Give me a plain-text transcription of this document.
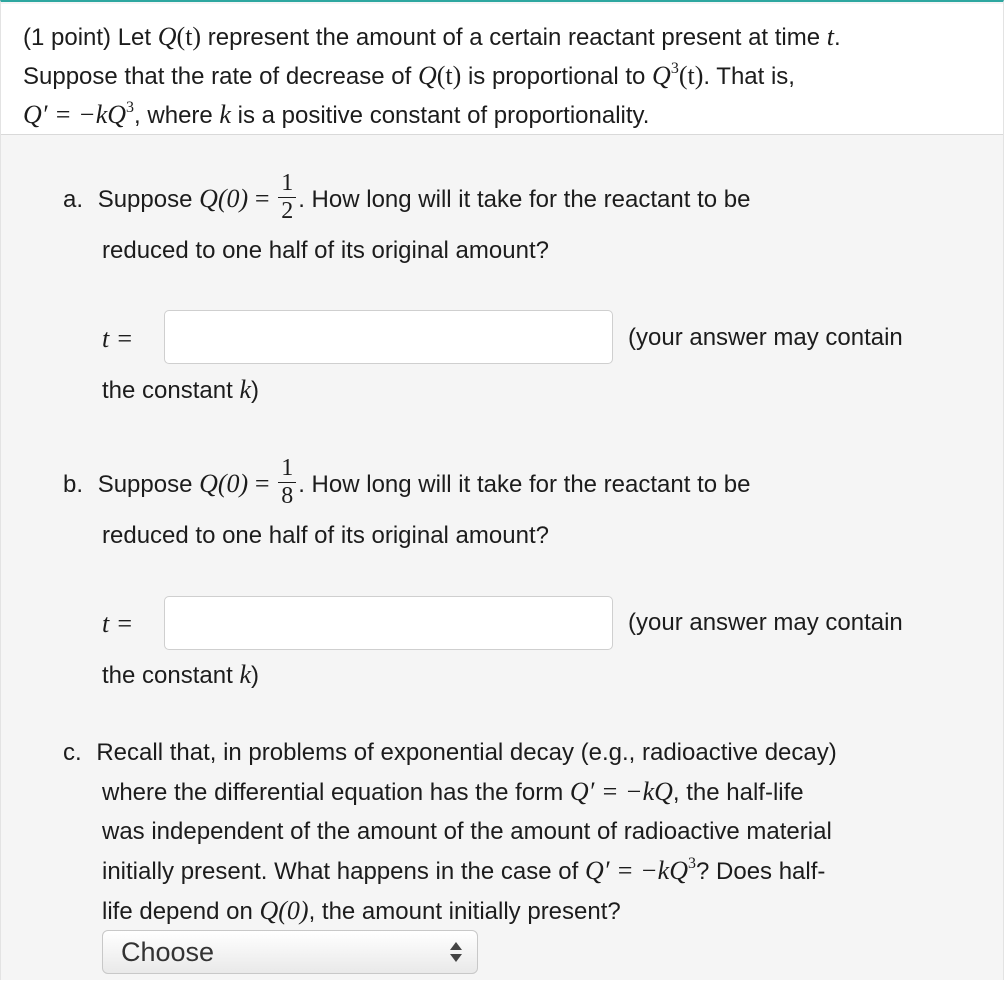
(1 point) Let Q(t) represent the amount of a certain reactant present at time t.
Suppose that the rate of decrease of Q(t) is proportional to $Q^3(t)$. That is,
$Q' = -kQ^3$, where k is a positive constant of proportionality.
a. Suppose $Q(0) = \frac{1}{2}$ . How long will it take for the reactant to be
reduced to one half of its original amount?
t =	(your answer may contain
the constant k)
b. Suppose $Q(0) = \frac{1}{8}$ . How long will it take for the reactant to be
reduced to one half of its original amount?
t =	(your answer may contain
the constant k)
c. Recall that, in problems of exponential decay (e.g., radioactive decay)
where the differential equation has the form Q′ = −kQ, the half-life
was independent of the amount of the amount of radioactive material
initially present. What happens in the case of $Q' = -kQ^3$? Does half-
life depend on Q(0), the amount initially present?
Choose
